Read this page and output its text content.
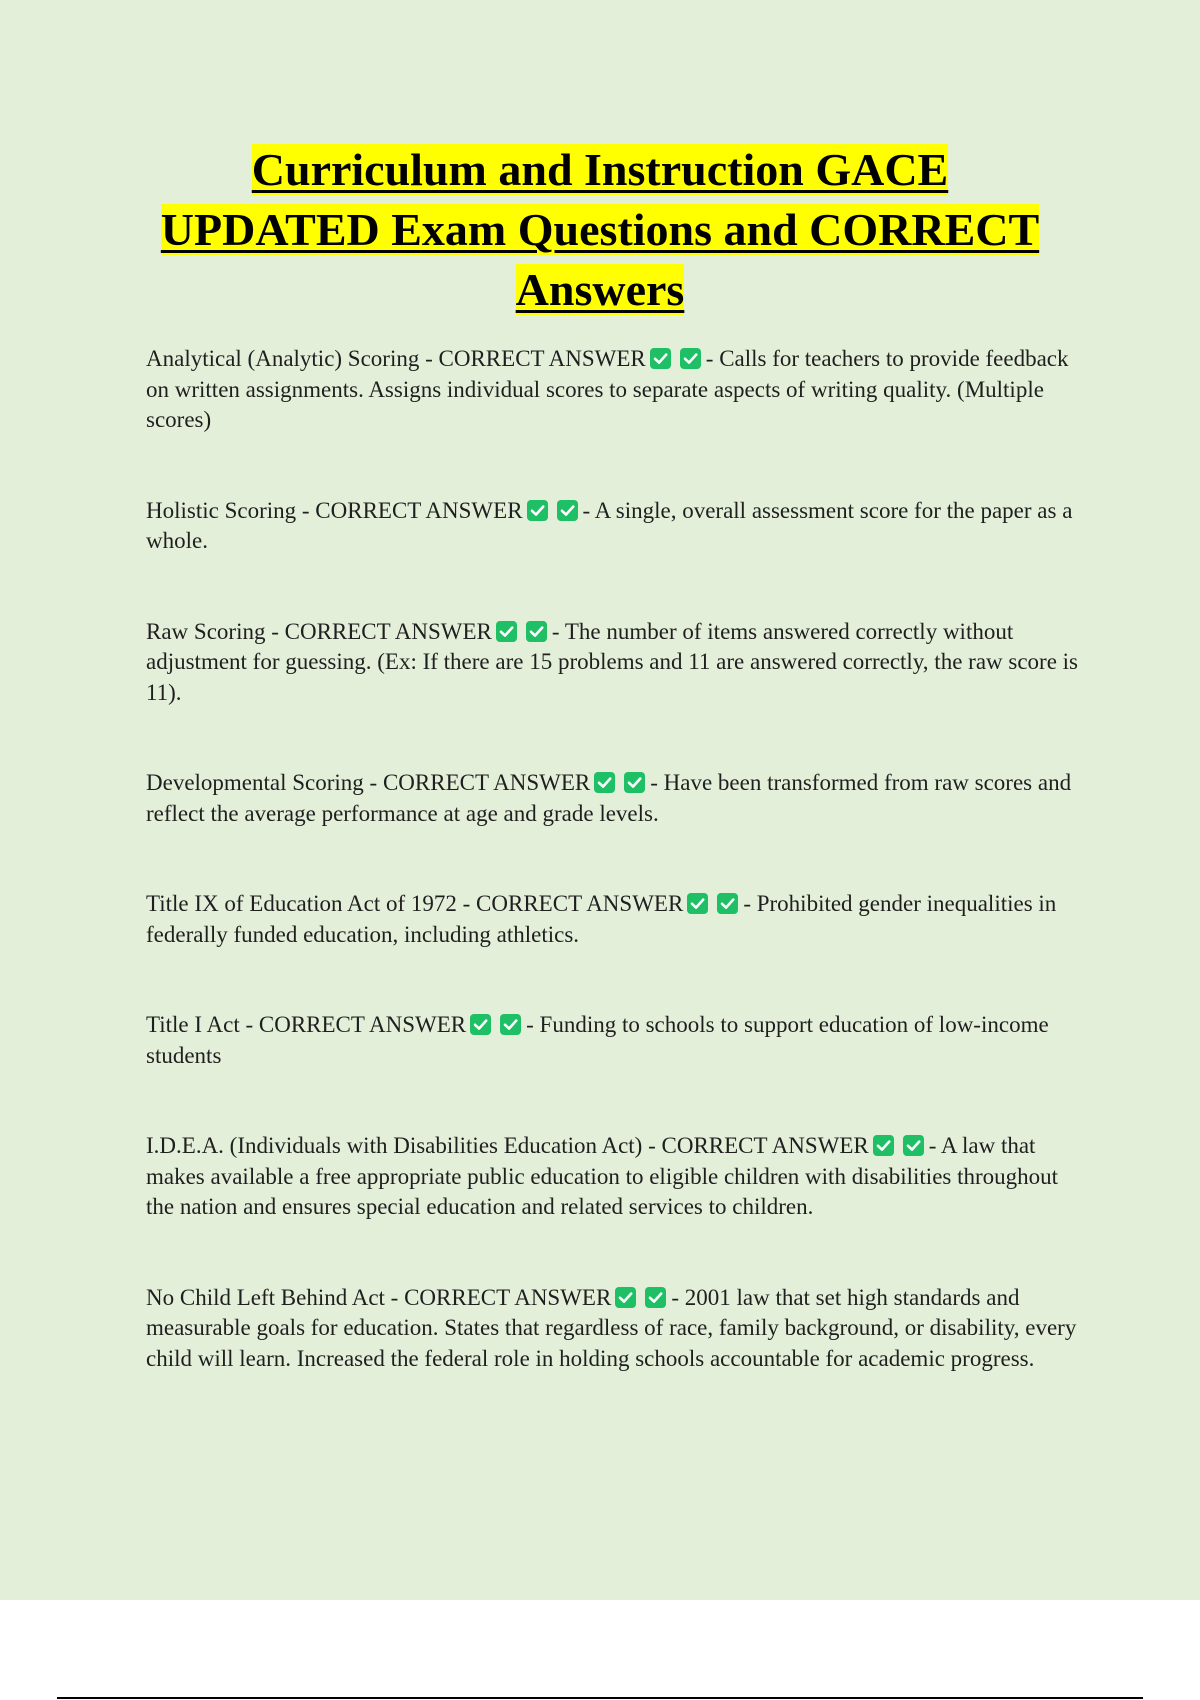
Curriculum and Instruction GACE
UPDATED Exam Questions and CORRECT
Answers

Analytical (Analytic) Scoring - CORRECT ANSWER	- Calls for teachers to provide feedback on written assignments. Assigns individual scores to separate aspects of writing quality. (Multiple scores)

Holistic Scoring - CORRECT ANSWER	- A single, overall assessment score for the paper as a whole.

Raw Scoring - CORRECT ANSWER	- The number of items answered correctly without adjustment for guessing. (Ex: If there are 15 problems and 11 are answered correctly, the raw score is 11).

Developmental Scoring - CORRECT ANSWER	- Have been transformed from raw scores and reflect the average performance at age and grade levels.

Title IX of Education Act of 1972 - CORRECT ANSWER	- Prohibited gender inequalities in federally funded education, including athletics.

Title I Act - CORRECT ANSWER	- Funding to schools to support education of low-income students

I.D.E.A. (Individuals with Disabilities Education Act) - CORRECT ANSWER	- A law that makes available a free appropriate public education to eligible children with disabilities throughout the nation and ensures special education and related services to children.

No Child Left Behind Act - CORRECT ANSWER	- 2001 law that set high standards and measurable goals for education. States that regardless of race, family background, or disability, every child will learn. Increased the federal role in holding schools accountable for academic progress.
